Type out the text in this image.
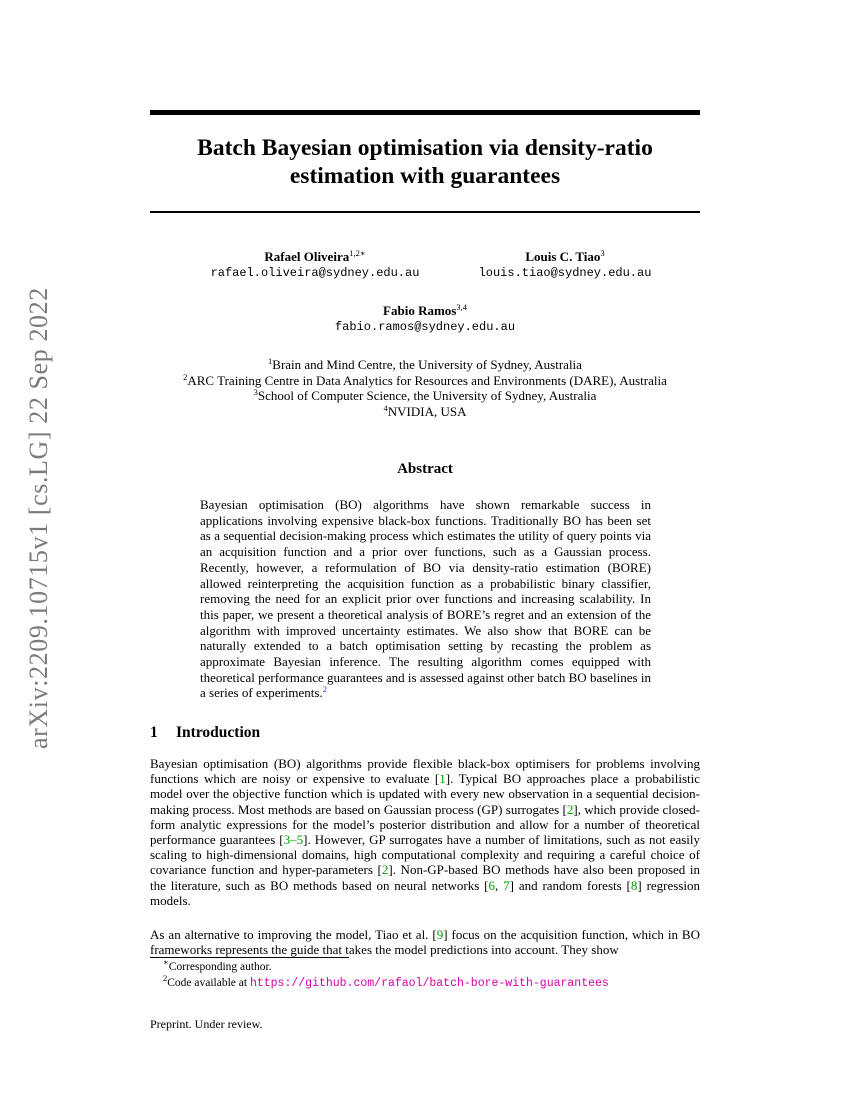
arXiv:2209.10715v1 [cs.LG] 22 Sep 2022
Batch Bayesian optimisation via density-ratio
estimation with guarantees
Rafael Oliveira$^{1,2∗}$
rafael.oliveira@sydney.edu.au
Louis C. Tiao$^3$
louis.tiao@sydney.edu.au
Fabio Ramos$^{3,4}$
fabio.ramos@sydney.edu.au
$^1$Brain and Mind Centre, the University of Sydney, Australia
$^2$ARC Training Centre in Data Analytics for Resources and Environments (DARE), Australia
$^3$School of Computer Science, the University of Sydney, Australia
$^4$NVIDIA, USA
Abstract
Bayesian optimisation (BO) algorithms have shown remarkable success in applications involving expensive black-box functions. Traditionally BO has been set as a sequential decision-making process which estimates the utility of query points via an acquisition function and a prior over functions, such as a Gaussian process. Recently, however, a reformulation of BO via density-ratio estimation (BORE) allowed reinterpreting the acquisition function as a probabilistic binary classifier, removing the need for an explicit prior over functions and increasing scalability. In this paper, we present a theoretical analysis of BORE’s regret and an extension of the algorithm with improved uncertainty estimates. We also show that BORE can be naturally extended to a batch optimisation setting by recasting the problem as approximate Bayesian inference. The resulting algorithm comes equipped with theoretical performance guarantees and is assessed against other batch BO baselines in a series of experiments.$^2$
1 Introduction
Bayesian optimisation (BO) algorithms provide flexible black-box optimisers for problems involving functions which are noisy or expensive to evaluate [1]. Typical BO approaches place a probabilistic model over the objective function which is updated with every new observation in a sequential decision-making process. Most methods are based on Gaussian process (GP) surrogates [2], which provide closed-form analytic expressions for the model’s posterior distribution and allow for a number of theoretical performance guarantees [3–5]. However, GP surrogates have a number of limitations, such as not easily scaling to high-dimensional domains, high computational complexity and requiring a careful choice of covariance function and hyper-parameters [2]. Non-GP-based BO methods have also been proposed in the literature, such as BO methods based on neural networks [6, 7] and random forests [8] regression models.
As an alternative to improving the model, Tiao et al. [9] focus on the acquisition function, which in BO frameworks represents the guide that takes the model predictions into account. They show
∗Corresponding author.
$^2$Code available at https://github.com/rafaol/batch-bore-with-guarantees
Preprint. Under review.
